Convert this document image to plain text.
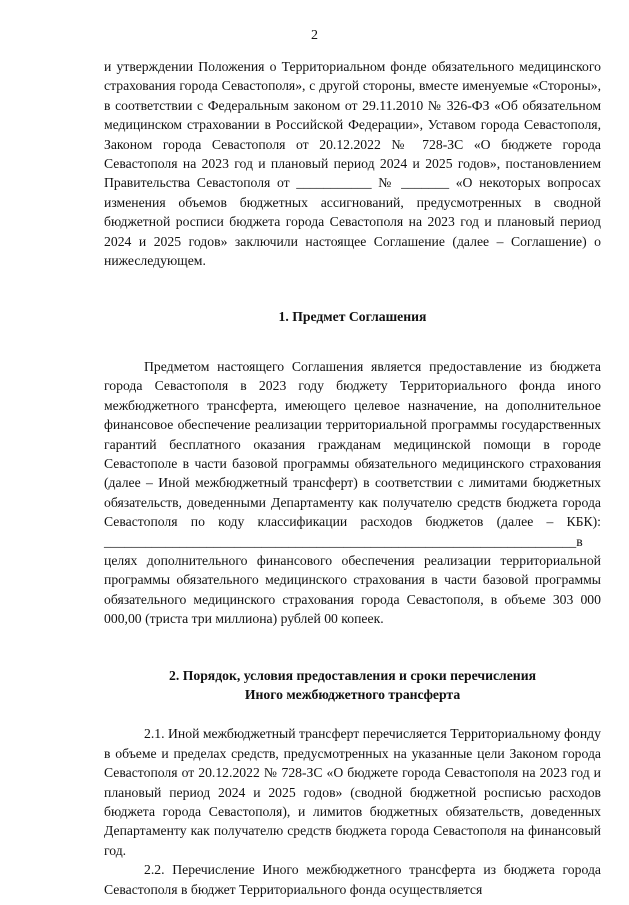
2

и утверждении Положения о Территориальном фонде обязательного медицинского страхования города Севастополя», с другой стороны, вместе именуемые «Стороны», в соответствии с Федеральным законом от 29.11.2010 № 326-ФЗ «Об обязательном медицинском страховании в Российской Федерации», Уставом города Севастополя, Законом города Севастополя от 20.12.2022 № 728-ЗС «О бюджете города Севастополя на 2023 год и плановый период 2024 и 2025 годов», постановлением Правительства Севастополя от ___________ № _______ «О некоторых вопросах изменения объемов бюджетных ассигнований, предусмотренных в сводной бюджетной росписи бюджета города Севастополя на 2023 год и плановый период 2024 и 2025 годов» заключили настоящее Соглашение (далее – Соглашение) о нижеследующем.

1. Предмет Соглашения

Предметом настоящего Соглашения является предоставление из бюджета города Севастополя в 2023 году бюджету Территориального фонда иного межбюджетного трансферта, имеющего целевое назначение, на дополнительное финансовое обеспечение реализации территориальной программы государственных гарантий бесплатного оказания гражданам медицинской помощи в городе Севастополе в части базовой программы обязательного медицинского страхования (далее – Иной межбюджетный трансферт) в соответствии с лимитами бюджетных обязательств, доведенными Департаменту как получателю средств бюджета города Севастополя по коду классификации расходов бюджетов (далее – КБК): _____________________________________________________________________в целях дополнительного финансового обеспечения реализации территориальной программы обязательного медицинского страхования в части базовой программы обязательного медицинского страхования города Севастополя, в объеме 303 000 000,00 (триста три миллиона) рублей 00 копеек.

2. Порядок, условия предоставления и сроки перечисления

Иного межбюджетного трансферта

2.1. Иной межбюджетный трансферт перечисляется Территориальному фонду в объеме и пределах средств, предусмотренных на указанные цели Законом города Севастополя от 20.12.2022 № 728-ЗС «О бюджете города Севастополя на 2023 год и плановый период 2024 и 2025 годов» (сводной бюджетной росписью расходов бюджета города Севастополя), и лимитов бюджетных обязательств, доведенных Департаменту как получателю средств бюджета города Севастополя на финансовый год.

2.2. Перечисление Иного межбюджетного трансферта из бюджета города Севастополя в бюджет Территориального фонда осуществляется
